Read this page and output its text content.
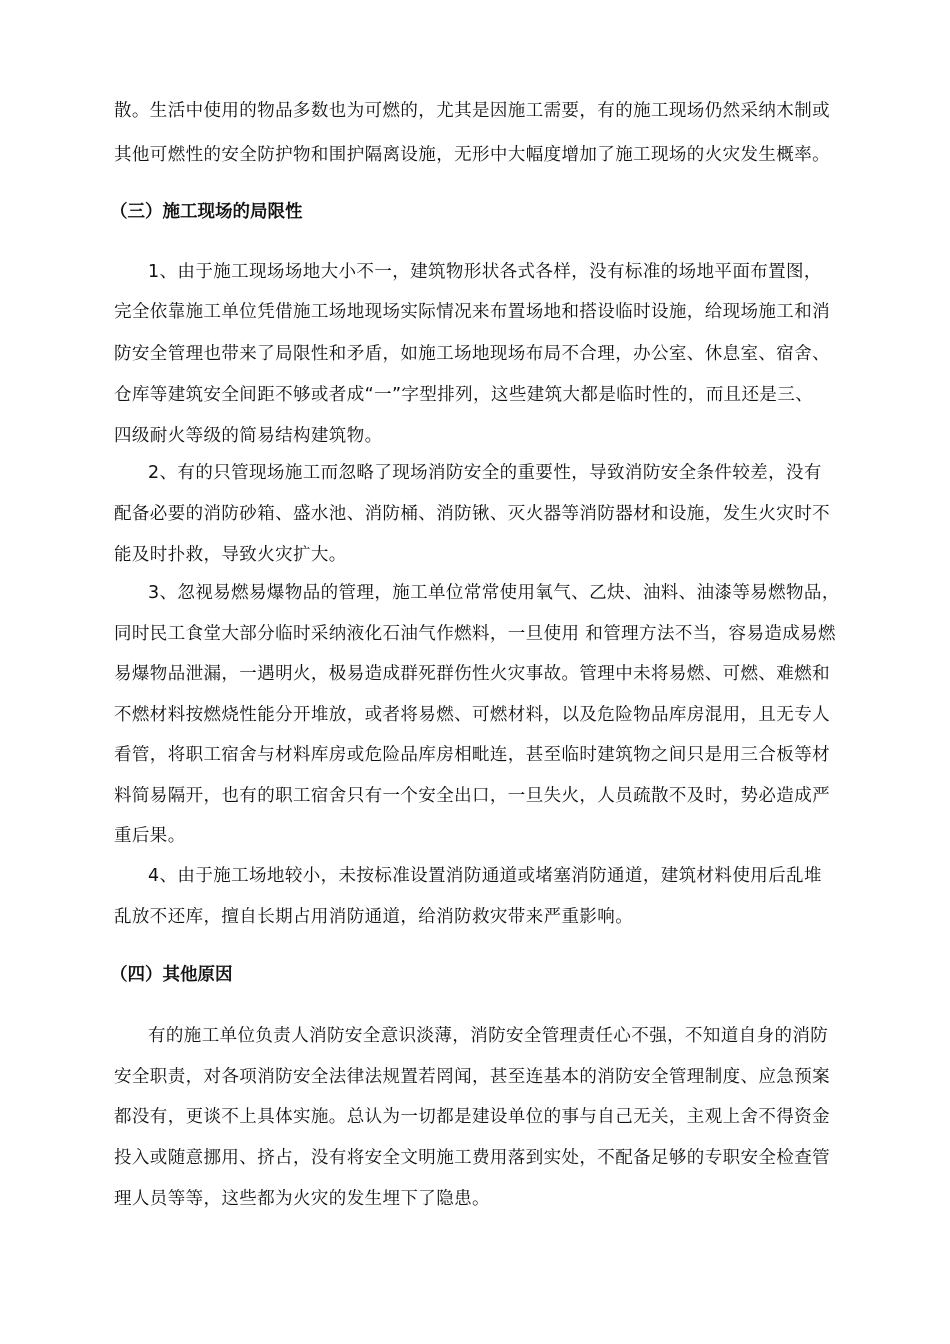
散。生活中使用的物品多数也为可燃的，尤其是因施工需要，有的施工现场仍然采纳木制或
其他可燃性的安全防护物和围护隔离设施，无形中大幅度增加了施工现场的火灾发生概率。
（三）施工现场的局限性
1、由于施工现场场地大小不一，建筑物形状各式各样，没有标准的场地平面布置图，
完全依靠施工单位凭借施工场地现场实际情况来布置场地和搭设临时设施，给现场施工和消
防安全管理也带来了局限性和矛盾，如施工场地现场布局不合理，办公室、休息室、宿舍、
仓库等建筑安全间距不够或者成“一”字型排列，这些建筑大都是临时性的，而且还是三、
四级耐火等级的简易结构建筑物。
2、有的只管现场施工而忽略了现场消防安全的重要性，导致消防安全条件较差，没有
配备必要的消防砂箱、盛水池、消防桶、消防锹、灭火器等消防器材和设施，发生火灾时不
能及时扑救，导致火灾扩大。
3、忽视易燃易爆物品的管理，施工单位常常使用氧气、乙炔、油料、油漆等易燃物品，
同时民工食堂大部分临时采纳液化石油气作燃料，一旦使用 和管理方法不当，容易造成易燃
易爆物品泄漏，一遇明火，极易造成群死群伤性火灾事故。管理中未将易燃、可燃、难燃和
不燃材料按燃烧性能分开堆放，或者将易燃、可燃材料，以及危险物品库房混用，且无专人
看管，将职工宿舍与材料库房或危险品库房相毗连，甚至临时建筑物之间只是用三合板等材
料简易隔开，也有的职工宿舍只有一个安全出口，一旦失火，人员疏散不及时，势必造成严
重后果。
4、由于施工场地较小，未按标准设置消防通道或堵塞消防通道，建筑材料使用后乱堆
乱放不还库，擅自长期占用消防通道，给消防救灾带来严重影响。
（四）其他原因
有的施工单位负责人消防安全意识淡薄，消防安全管理责任心不强，不知道自身的消防
安全职责，对各项消防安全法律法规置若罔闻，甚至连基本的消防安全管理制度、应急预案
都没有，更谈不上具体实施。总认为一切都是建设单位的事与自己无关，主观上舍不得资金
投入或随意挪用、挤占，没有将安全文明施工费用落到实处，不配备足够的专职安全检查管
理人员等等，这些都为火灾的发生埋下了隐患。
